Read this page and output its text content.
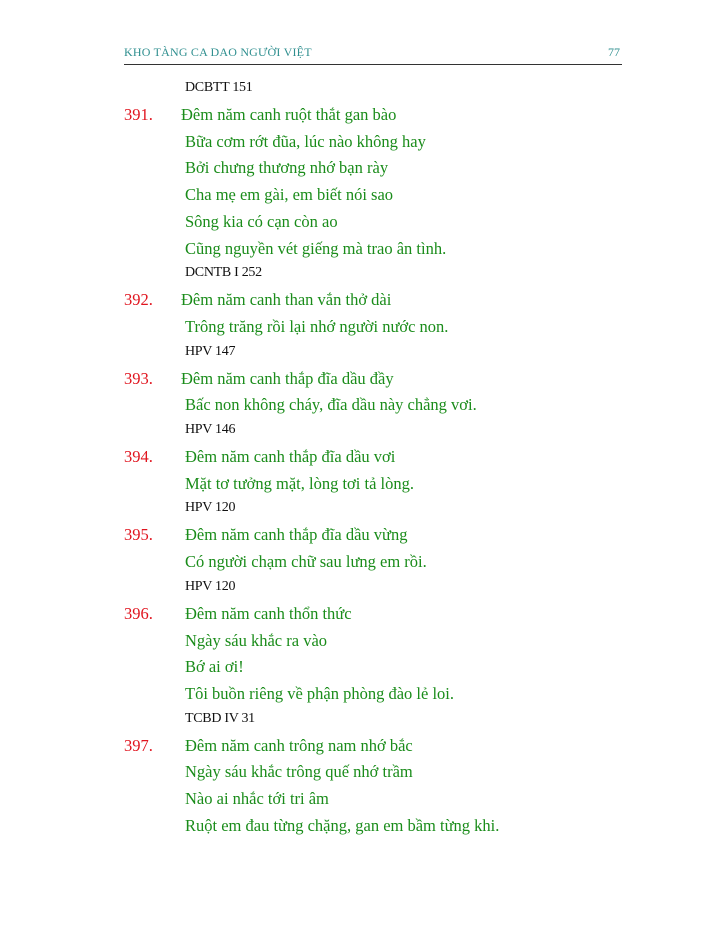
KHO TÀNG CA DAO NGƯỜI VIỆT	77
DCBTT 151
391. Đêm năm canh ruột thắt gan bào
Bữa cơm rớt đũa, lúc nào không hay
Bởi chưng thương nhớ bạn rày
Cha mẹ em gài, em biết nói sao
Sông kia có cạn còn ao
Cũng nguyền vét giếng mà trao ân tình.
DCNTB I 252
392. Đêm năm canh than vắn thở dài
Trông trăng rồi lại nhớ người nước non.
HPV 147
393. Đêm năm canh thắp đĩa dầu đầy
Bấc non không cháy, đĩa dầu này chẳng vơi.
HPV 146
394. Đêm năm canh thắp đĩa dầu vơi
Mặt tơ tưởng mặt, lòng tơi tả lòng.
HPV 120
395. Đêm năm canh thắp đĩa dầu vừng
Có người chạm chữ sau lưng em rồi.
HPV 120
396. Đêm năm canh thổn thức
Ngày sáu khắc ra vào
Bớ ai ơi!
Tôi buồn riêng về phận phòng đào lẻ loi.
TCBD IV 31
397. Đêm năm canh trông nam nhớ bắc
Ngày sáu khắc trông quế nhớ trầm
Nào ai nhắc tới tri âm
Ruột em đau từng chặng, gan em bầm từng khi.
